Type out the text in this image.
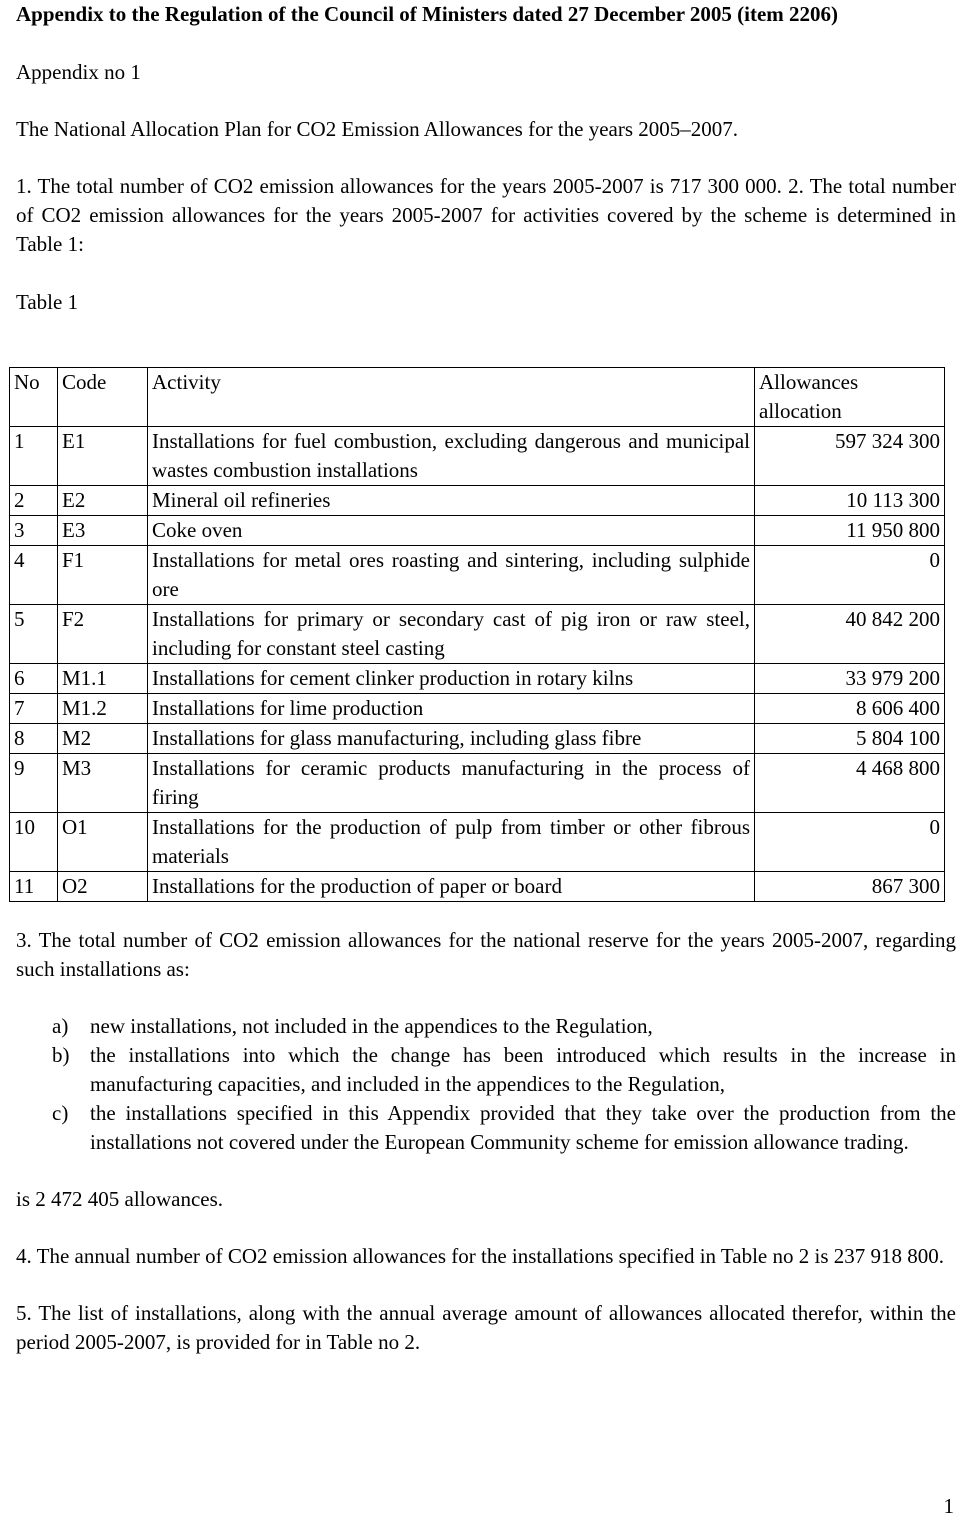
Appendix to the Regulation of the Council of Ministers dated 27 December 2005 (item 2206)

Appendix no 1

The National Allocation Plan for CO2 Emission Allowances for the years 2005–2007.

1. The total number of CO2 emission allowances for the years 2005-2007 is 717 300 000. 2. The total number of CO2 emission allowances for the years 2005-2007 for activities covered by the scheme is determined in Table 1:

Table 1

No	Code	Activity	Allowances allocation
1	E1	Installations for fuel combustion, excluding dangerous and municipal wastes combustion installations	597 324 300
2	E2	Mineral oil refineries	10 113 300
3	E3	Coke oven	11 950 800
4	F1	Installations for metal ores roasting and sintering, including sulphide ore	0
5	F2	Installations for primary or secondary cast of pig iron or raw steel, including for constant steel casting	40 842 200
6	M1.1	Installations for cement clinker production in rotary kilns	33 979 200
7	M1.2	Installations for lime production	8 606 400
8	M2	Installations for glass manufacturing, including glass fibre	5 804 100
9	M3	Installations for ceramic products manufacturing in the process of firing	4 468 800
10	O1	Installations for the production of pulp from timber or other fibrous materials	0
11	O2	Installations for the production of paper or board	867 300

3. The total number of CO2 emission allowances for the national reserve for the years 2005-2007, regarding such installations as:

a) new installations, not included in the appendices to the Regulation,
b) the installations into which the change has been introduced which results in the increase in manufacturing capacities, and included in the appendices to the Regulation,
c) the installations specified in this Appendix provided that they take over the production from the installations not covered under the European Community scheme for emission allowance trading.

is 2 472 405 allowances.

4. The annual number of CO2 emission allowances for the installations specified in Table no 2 is 237 918 800.

5. The list of installations, along with the annual average amount of allowances allocated therefor, within the period 2005-2007, is provided for in Table no 2.

1
